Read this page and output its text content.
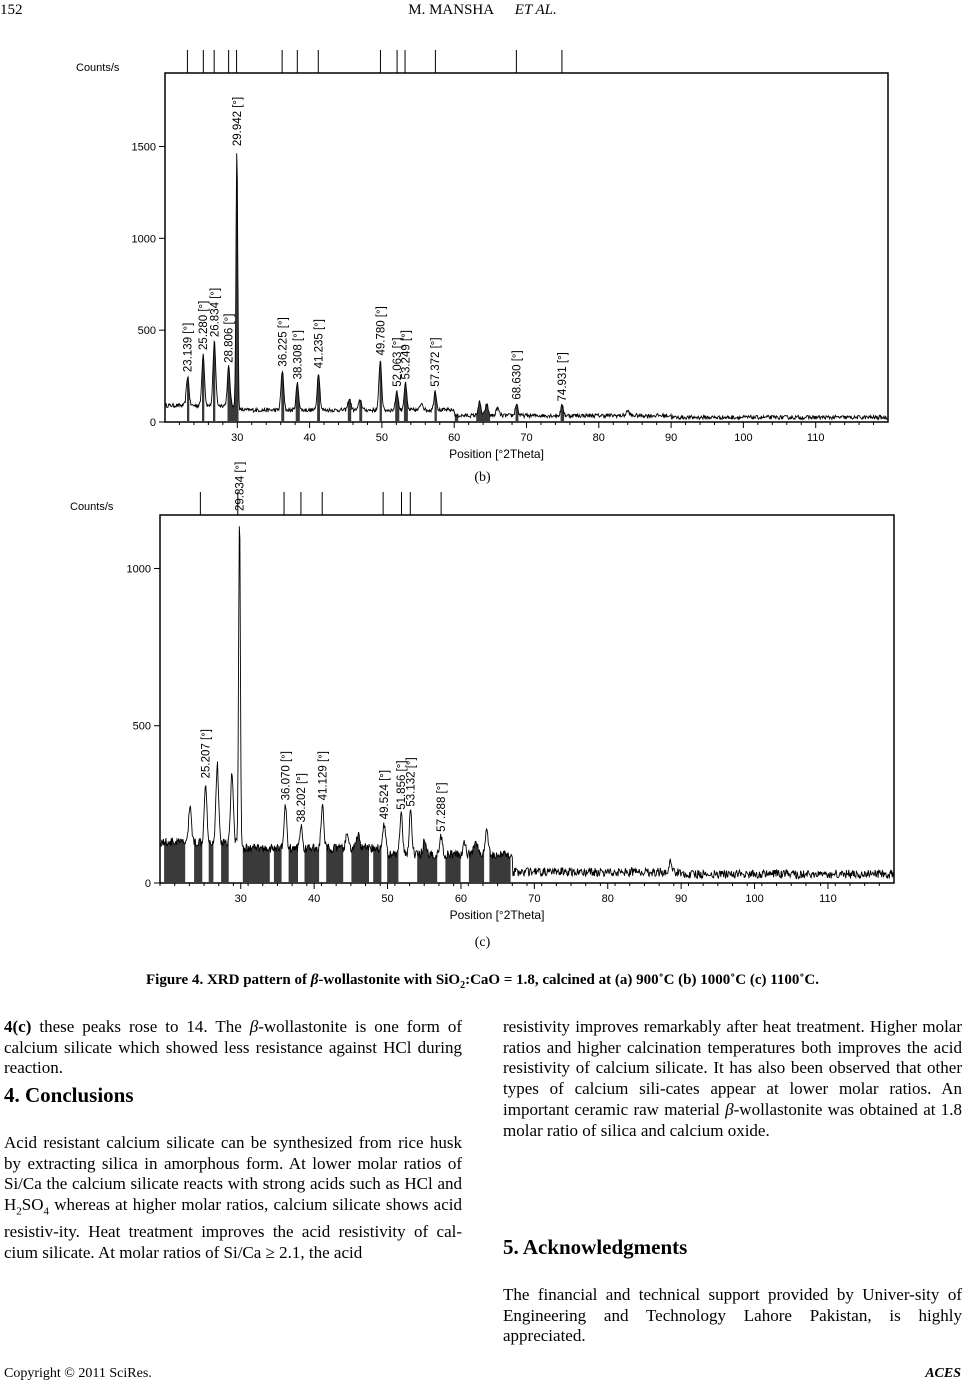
152	M. MANSHA ET AL.
Counts/s
0
500
1000
1500
30	40	50	60	70	80	90	100	110
Position [°2Theta]
23.139 [°] 25.280 [°] 26.834 [°]
28.806 [°]
29.942 [°]
36.225 [°] 38.308 [°] 41.235 [°]	49.780 [°]
52.063 [°]
53.249 [°] 57.372 [°]	68.630 [°]	74.931 [°]
(b)
Counts/s
0
500
1000
30	40	50	60	70	80	90	100	110
Position [°2Theta]
25.207 [°]
29.834 [°]
36.070 [°] 38.202 [°] 41.129 [°]	49.524 [°] 51.856 [°]
53.132 [°]
57.288 [°]
(c)
Figure 4. XRD pattern of β-wollastonite with SiO$_2$:CaO = 1.8, calcined at (a) 900˚C (b) 1000˚C (c) 1100˚C.

4(c) these peaks rose to 14. The β-wollastonite is one form of calcium silicate which showed less resistance against HCl during reaction.

4. Conclusions

Acid resistant calcium silicate can be synthesized from rice husk by extracting silica in amorphous form. At lower molar ratios of Si/Ca the calcium silicate reacts with strong acids such as HCl and $H_2SO_4$ whereas at higher molar ratios, calcium silicate shows acid resistiv-ity. Heat treatment improves the acid resistivity of cal-cium silicate. At molar ratios of Si/Ca ≥ 2.1, the acid

resistivity improves remarkably after heat treatment. Higher molar ratios and higher calcination temperatures both improves the acid resistivity of calcium silicate. It has also been observed that other types of calcium sili-cates appear at lower molar ratios. An important ceramic raw material β-wollastonite was obtained at 1.8 molar ratio of silica and calcium oxide.

5. Acknowledgments
The financial and technical support provided by Univer-sity of Engineering and Technology Lahore Pakistan, is highly appreciated.
Copyright © 2011 SciRes.	ACES
